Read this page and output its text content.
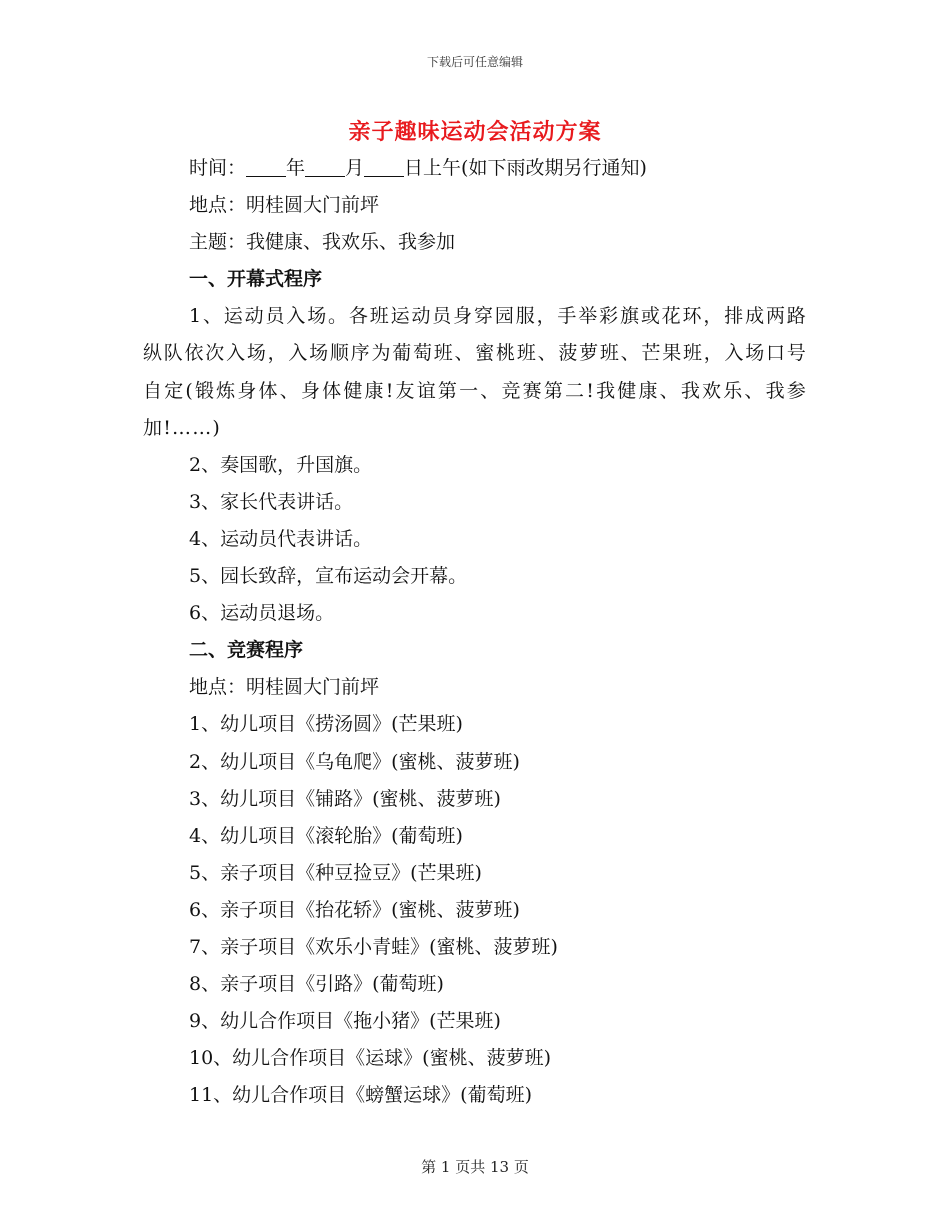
下载后可任意编辑
亲子趣味运动会活动方案
时间： 年 月 日上午(如下雨改期另行通知)
地点：明桂圆大门前坪
主题：我健康、我欢乐、我参加
一、开幕式程序
1、运动员入场。各班运动员身穿园服，手举彩旗或花环，排成两路纵队依次入场，入场顺序为葡萄班、蜜桃班、菠萝班、芒果班，入场口号自定(锻炼身体、身体健康!友谊第一、竞赛第二!我健康、我欢乐、我参加!……)
2、奏国歌，升国旗。
3、家长代表讲话。
4、运动员代表讲话。
5、园长致辞，宣布运动会开幕。
6、运动员退场。
二、竞赛程序
地点：明桂圆大门前坪
1、幼儿项目《捞汤圆》(芒果班)
2、幼儿项目《乌龟爬》(蜜桃、菠萝班)
3、幼儿项目《铺路》(蜜桃、菠萝班)
4、幼儿项目《滚轮胎》(葡萄班)
5、亲子项目《种豆捡豆》(芒果班)
6、亲子项目《抬花轿》(蜜桃、菠萝班)
7、亲子项目《欢乐小青蛙》(蜜桃、菠萝班)
8、亲子项目《引路》(葡萄班)
9、幼儿合作项目《拖小猪》(芒果班)
10、幼儿合作项目《运球》(蜜桃、菠萝班)
11、幼儿合作项目《螃蟹运球》(葡萄班)
第 1 页共 13 页
